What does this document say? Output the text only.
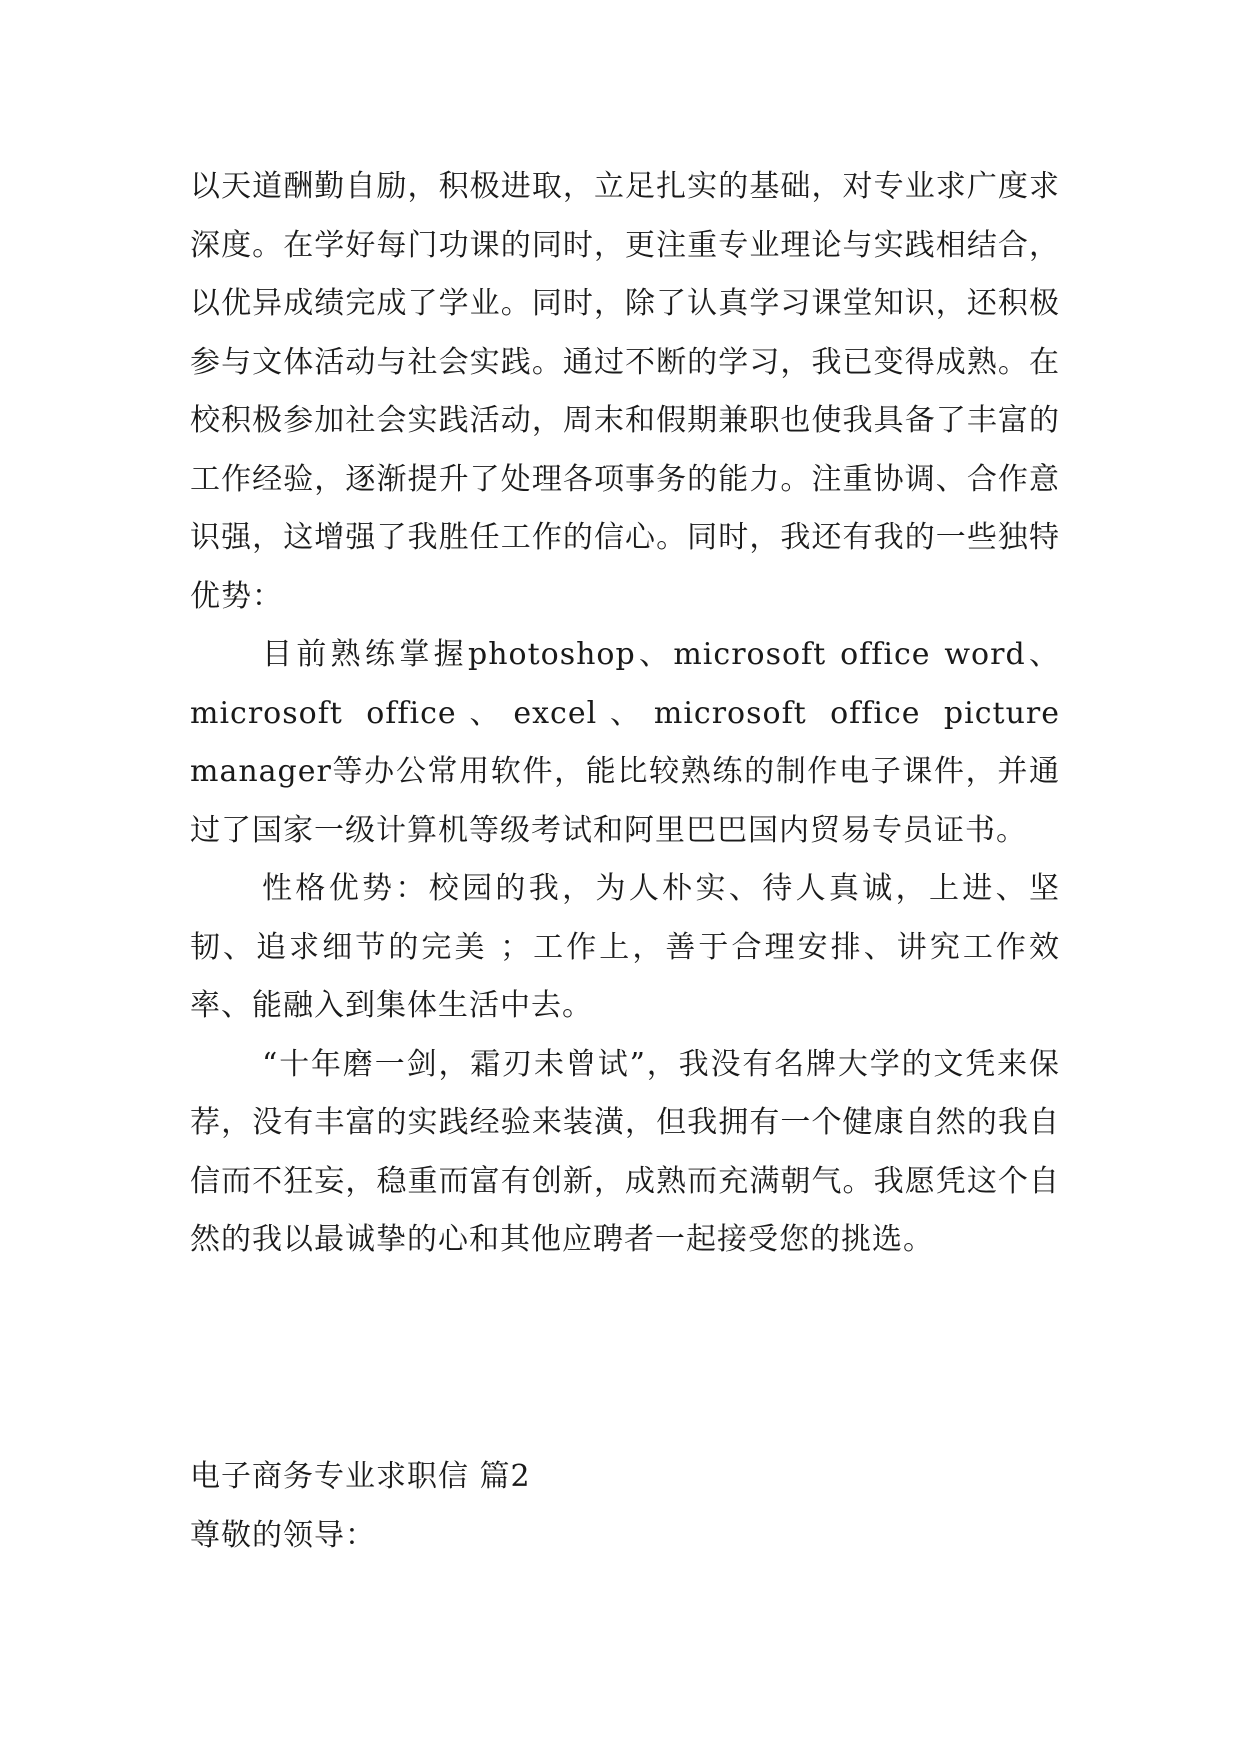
以天道酬勤自励，积极进取，立足扎实的基础，对专业求广度求深度。在学好每门功课的同时，更注重专业理论与实践相结合，以优异成绩完成了学业。同时，除了认真学习课堂知识，还积极参与文体活动与社会实践。通过不断的学习，我已变得成熟。在校积极参加社会实践活动，周末和假期兼职也使我具备了丰富的工作经验，逐渐提升了处理各项事务的能力。注重协调、合作意识强，这增强了我胜任工作的信心。同时，我还有我的一些独特优势：

目前熟练掌握photoshop、microsoft office word、microsoft office、excel、microsoft office picture manager等办公常用软件，能比较熟练的制作电子课件，并通过了国家一级计算机等级考试和阿里巴巴国内贸易专员证书。

性格优势：校园的我，为人朴实、待人真诚，上进、坚韧、追求细节的完美 ；工作上，善于合理安排、讲究工作效率、能融入到集体生活中去。

“十年磨一剑，霜刃未曾试”，我没有名牌大学的文凭来保荐，没有丰富的实践经验来装潢，但我拥有一个健康自然的我自信而不狂妄，稳重而富有创新，成熟而充满朝气。我愿凭这个自然的我以最诚挚的心和其他应聘者一起接受您的挑选。

电子商务专业求职信 篇2
尊敬的领导：
